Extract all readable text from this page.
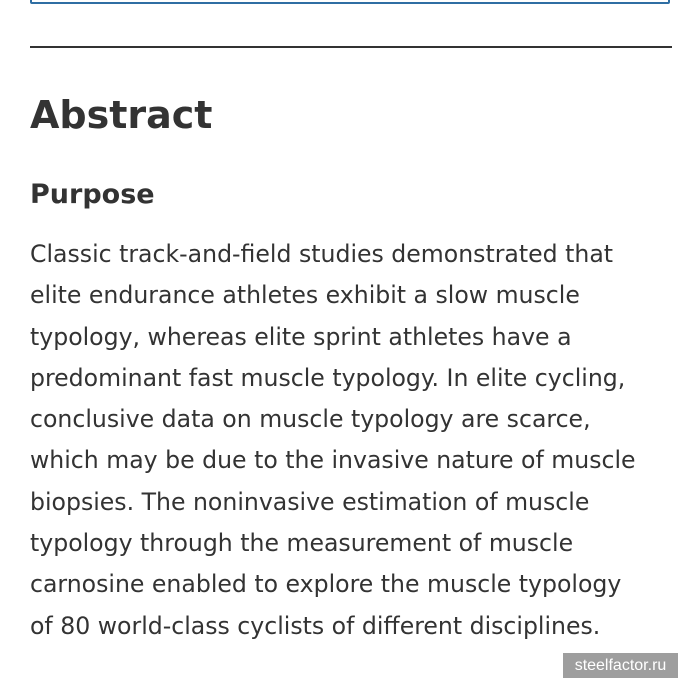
Abstract
Purpose

Classic track-and-field studies demonstrated that
elite endurance athletes exhibit a slow muscle
typology, whereas elite sprint athletes have a
predominant fast muscle typology. In elite cycling,
conclusive data on muscle typology are scarce,
which may be due to the invasive nature of muscle
biopsies. The noninvasive estimation of muscle
typology through the measurement of muscle
carnosine enabled to explore the muscle typology
of 80 world-class cyclists of different disciplines.

steelfactor.ru
